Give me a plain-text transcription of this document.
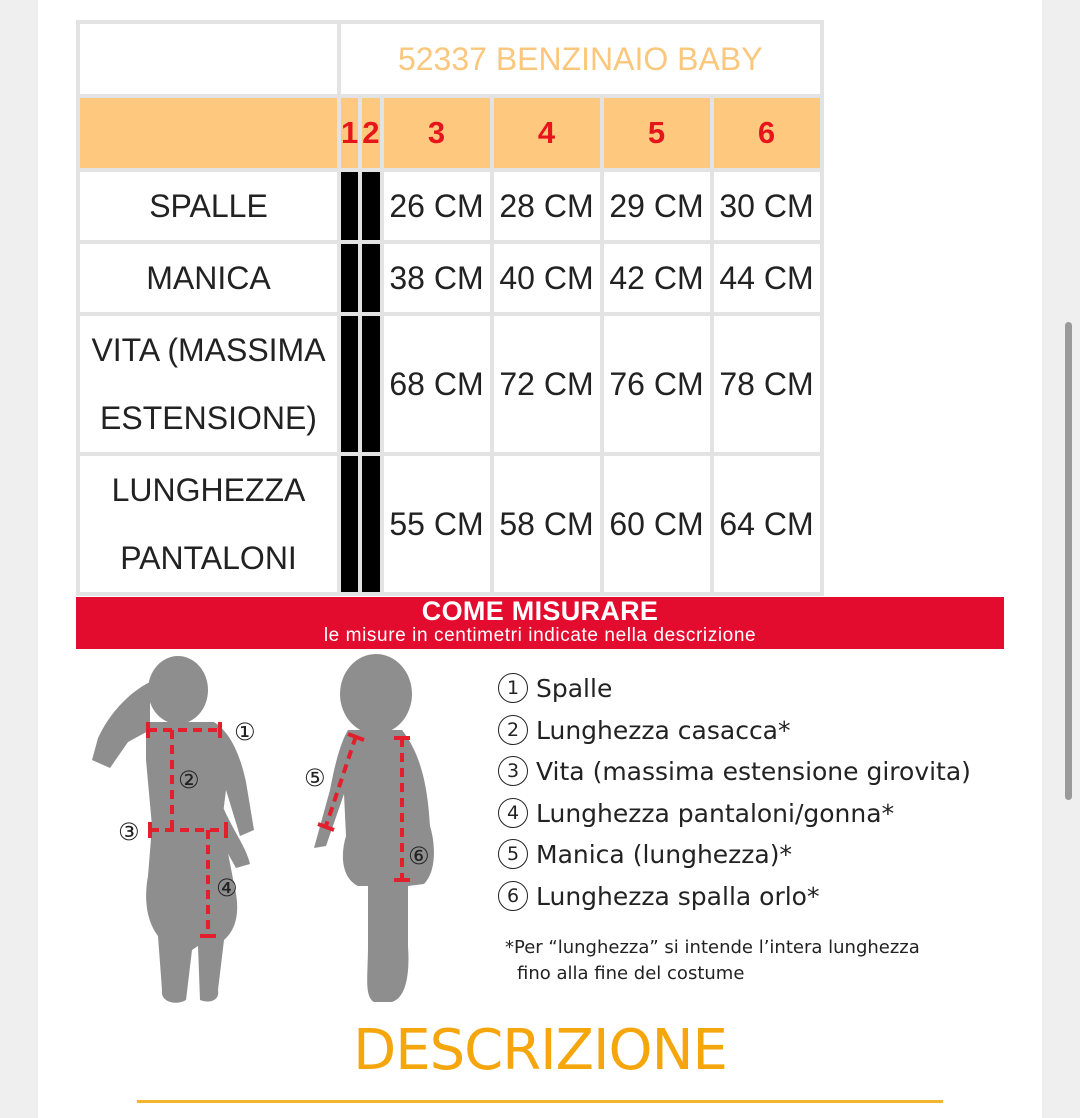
	52337 BENZINAIO BABY					
	1	2	3	4	5	6
SPALLE			26 CM	28 CM	29 CM	30 CM
MANICA			38 CM	40 CM	42 CM	44 CM

VITA (MASSIMA
ESTENSIONE)			68 CM	72 CM	76 CM	78 CM

LUNGHEZZA
PANTALONI			55 CM	58 CM	60 CM	64 CM
COME MISURARE
le misure in centimetri indicate nella descrizione
①
②
③
④
⑤
⑥
1 Spalle
2 Lunghezza casacca*
3 Vita (massima estensione girovita)
4 Lunghezza pantaloni/gonna*
5 Manica (lunghezza)*
6 Lunghezza spalla orlo*
*Per “lunghezza” si intende l’intera lunghezza
fino alla fine del costume
DESCRIZIONE
